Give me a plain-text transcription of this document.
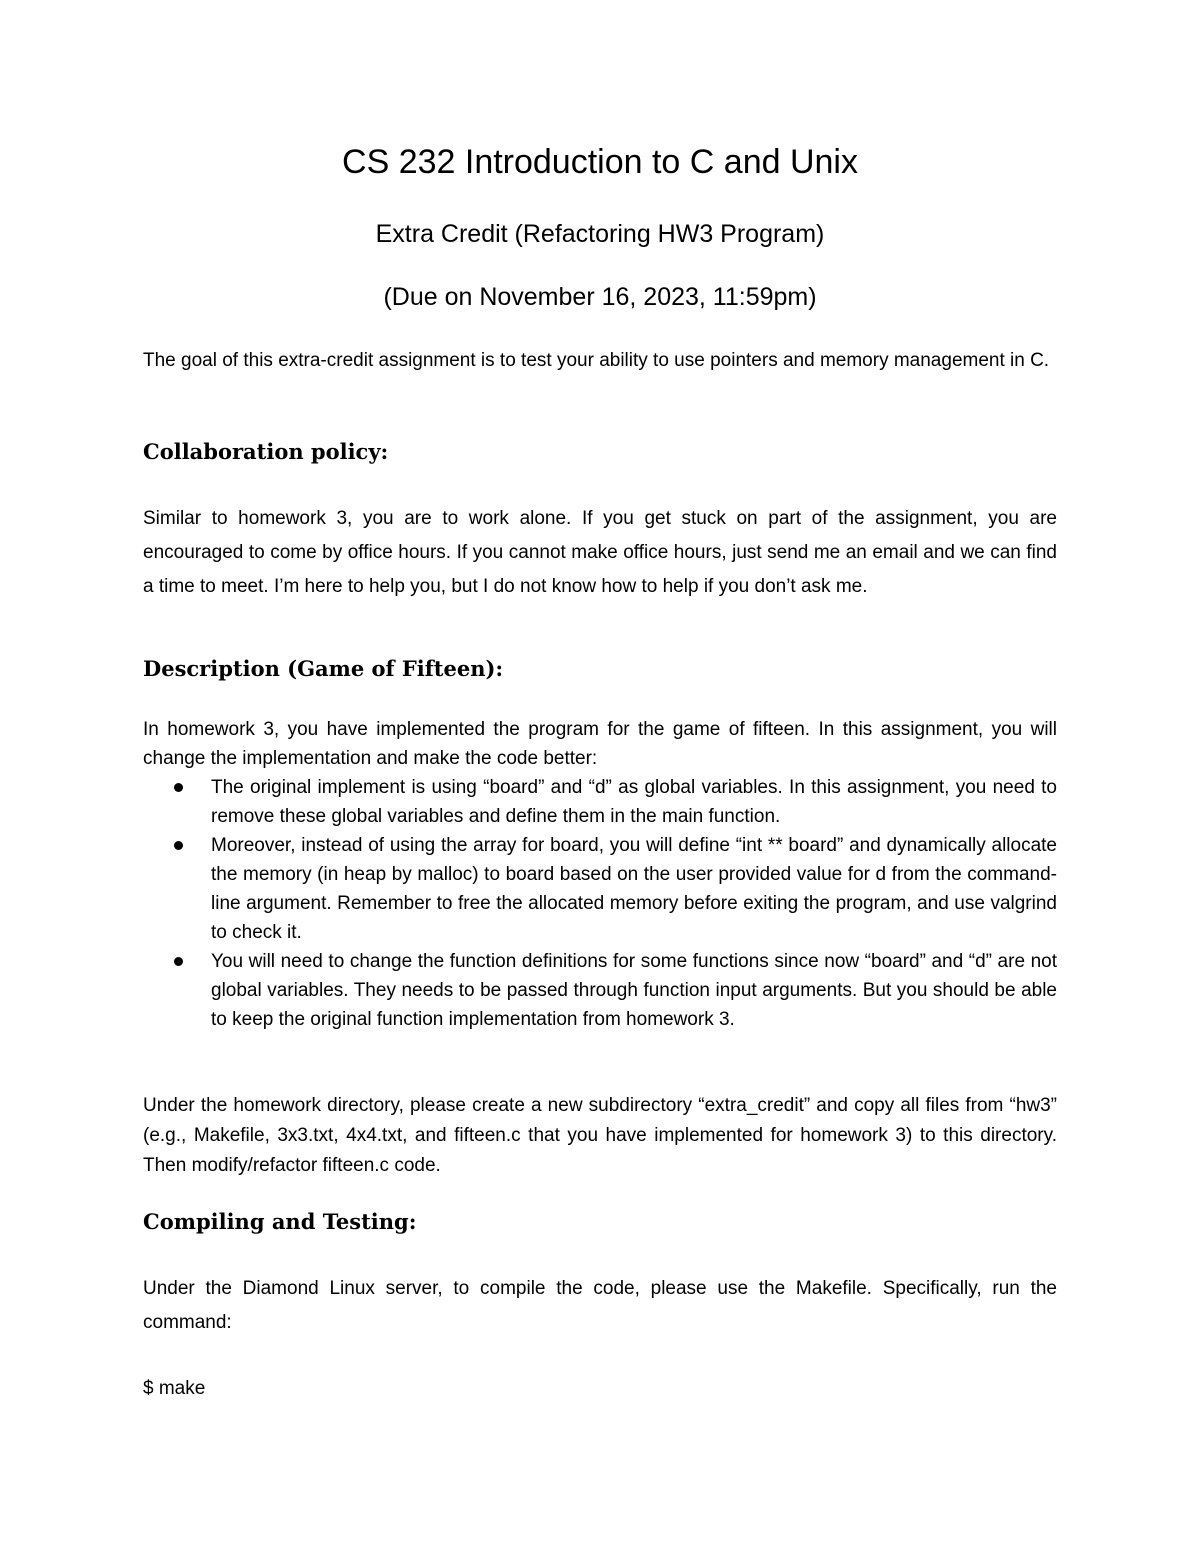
CS 232 Introduction to C and Unix
Extra Credit (Refactoring HW3 Program)
(Due on November 16, 2023, 11:59pm)

The goal of this extra-credit assignment is to test your ability to use pointers and memory management in C.

Collaboration policy:

Similar to homework 3, you are to work alone. If you get stuck on part of the assignment, you are encouraged to come by office hours. If you cannot make office hours, just send me an email and we can find a time to meet. I’m here to help you, but I do not know how to help if you don’t ask me.

Description (Game of Fifteen):

In homework 3, you have implemented the program for the game of fifteen. In this assignment, you will change the implementation and make the code better:

The original implement is using “board” and “d” as global variables. In this assignment, you need to remove these global variables and define them in the main function.
Moreover, instead of using the array for board, you will define “int ** board” and dynamically allocate the memory (in heap by malloc) to board based on the user provided value for d from the command-line argument. Remember to free the allocated memory before exiting the program, and use valgrind to check it.
You will need to change the function definitions for some functions since now “board” and “d” are not global variables. They needs to be passed through function input arguments. But you should be able to keep the original function implementation from homework 3.

Under the homework directory, please create a new subdirectory “extra_credit” and copy all files from “hw3” (e.g., Makefile, 3x3.txt, 4x4.txt, and fifteen.c that you have implemented for homework 3) to this directory. Then modify/refactor fifteen.c code.

Compiling and Testing:

Under the Diamond Linux server, to compile the code, please use the Makefile. Specifically, run the command:

$ make
